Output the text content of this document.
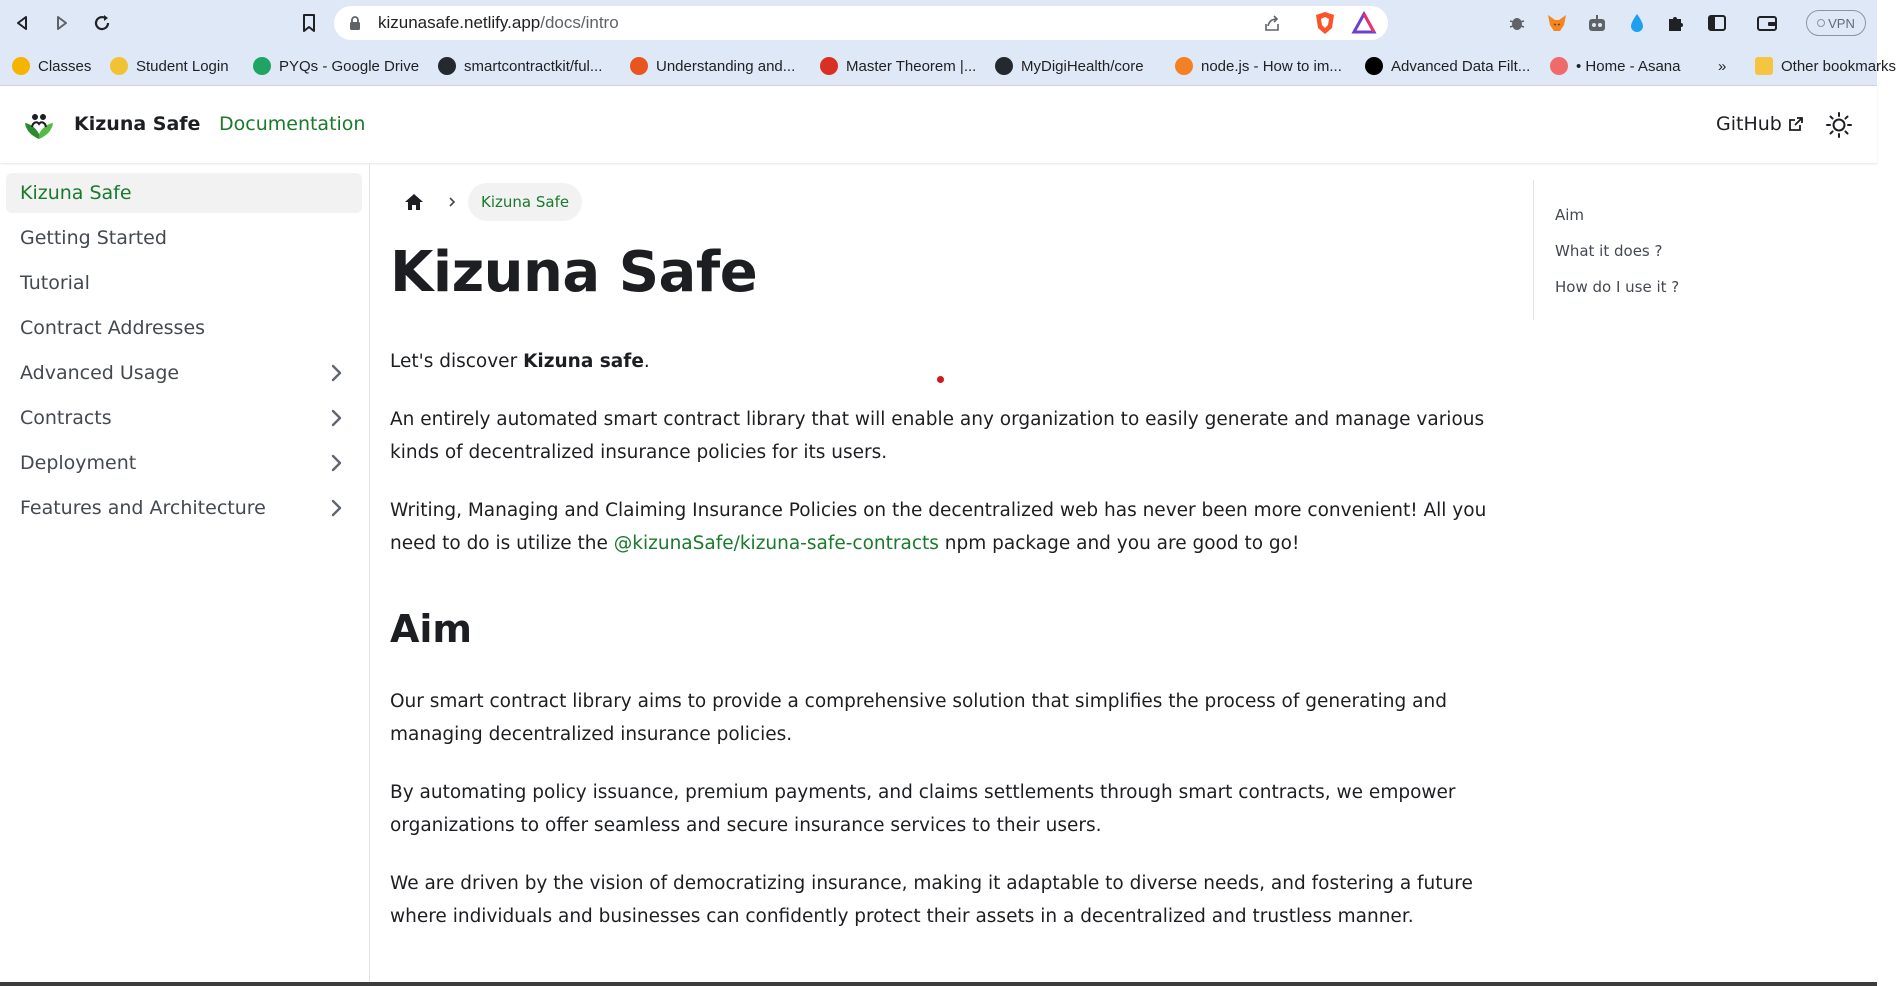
kizunasafe.netlify.app/docs/intro	VPN
Classes	Student Login	PYQs - Google Drive	smartcontractkit/ful...	Understanding and...	Master Theorem |...	MyDigiHealth/core	node.js - How to im...	Advanced Data Filt...	• Home - Asana	Other bookmarks
»
Kizuna Safe Documentation	GitHub
Kizuna Safe
Getting Started
Tutorial
Contract Addresses
Advanced Usage
Contracts
Deployment
Features and Architecture
Kizuna Safe
Kizuna Safe

Let's discover Kizuna safe.

An entirely automated smart contract library that will enable any organization to easily generate and manage various kinds of decentralized insurance policies for its users.

Writing, Managing and Claiming Insurance Policies on the decentralized web has never been more convenient! All you need to do is utilize the @kizunaSafe/kizuna-safe-contracts npm package and you are good to go!

Aim

Our smart contract library aims to provide a comprehensive solution that simplifies the process of generating and managing decentralized insurance policies.

By automating policy issuance, premium payments, and claims settlements through smart contracts, we empower organizations to offer seamless and secure insurance services to their users.

We are driven by the vision of democratizing insurance, making it adaptable to diverse needs, and fostering a future where individuals and businesses can confidently protect their assets in a decentralized and trustless manner.

Aim
What it does ?
How do I use it ?
